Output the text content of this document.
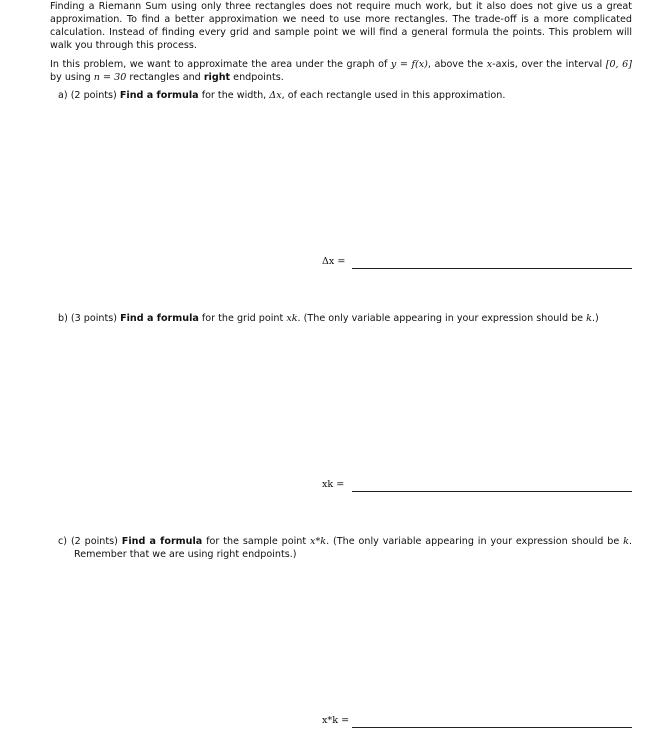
Finding a Riemann Sum using only three rectangles does not require much work, but it also does not give us a great approximation. To find a better approximation we need to use more rectangles. The trade-off is a more complicated calculation. Instead of finding every grid and sample point we will find a general formula the points. This problem will walk you through this process.

In this problem, we want to approximate the area under the graph of y = f(x), above the x-axis, over the interval [0, 6] by using n = 30 rectangles and right endpoints.

a) (2 points) Find a formula for the width, Δx, of each rectangle used in this approximation.
Δx =
b) (3 points) Find a formula for the grid point xk. (The only variable appearing in your expression should be k.)
xk =
c) (2 points) Find a formula for the sample point x*k. (The only variable appearing in your expression should be k. Remember that we are using right endpoints.)
x*k =
